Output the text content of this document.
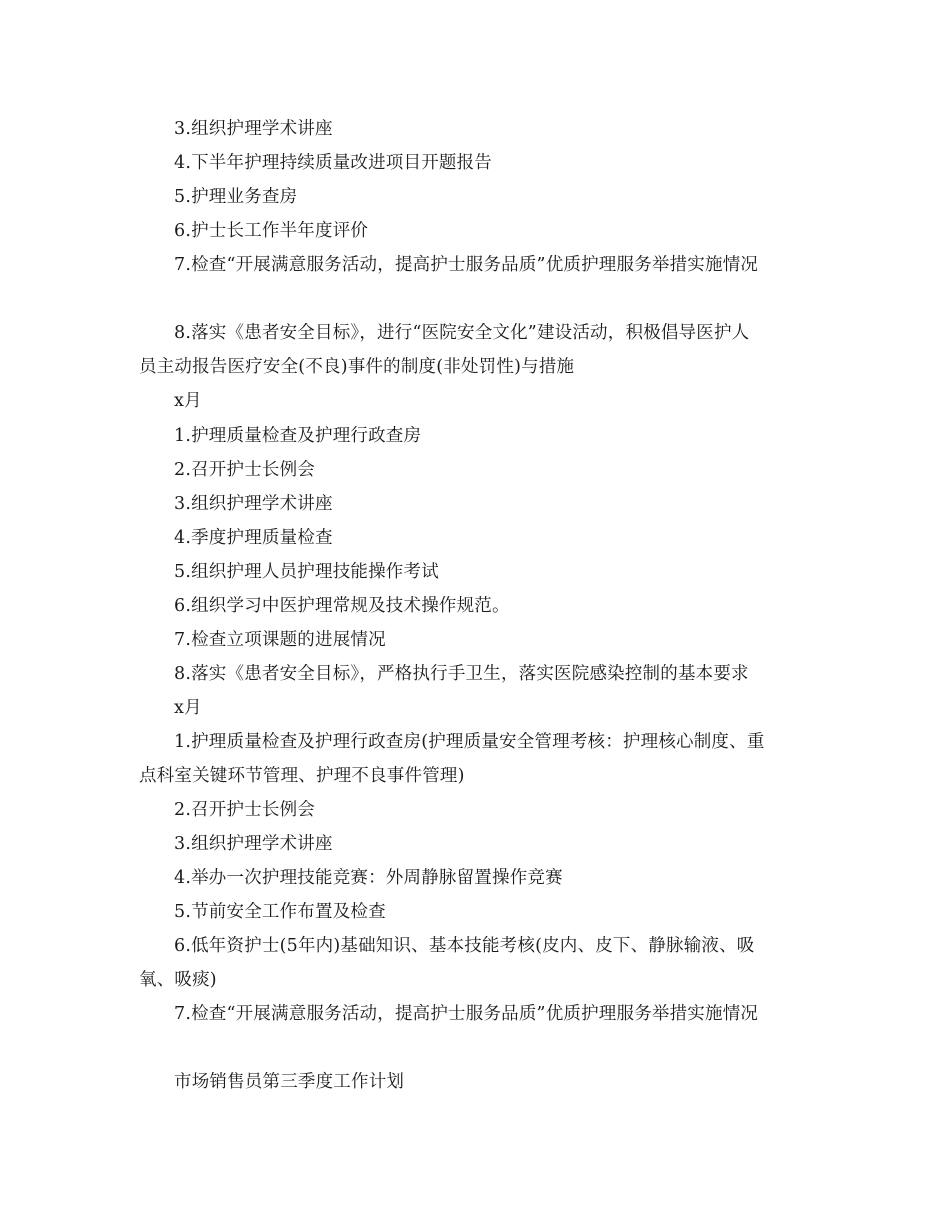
3.组织护理学术讲座
4.下半年护理持续质量改进项目开题报告
5.护理业务查房
6.护士长工作半年度评价
7.检查“开展满意服务活动，提高护士服务品质”优质护理服务举措实施情况
8.落实《患者安全目标》，进行“医院安全文化”建设活动，积极倡导医护人
员主动报告医疗安全(不良)事件的制度(非处罚性)与措施
x月
1.护理质量检查及护理行政查房
2.召开护士长例会
3.组织护理学术讲座
4.季度护理质量检查
5.组织护理人员护理技能操作考试
6.组织学习中医护理常规及技术操作规范。
7.检查立项课题的进展情况
8.落实《患者安全目标》，严格执行手卫生，落实医院感染控制的基本要求
x月
1.护理质量检查及护理行政查房(护理质量安全管理考核：护理核心制度、重
点科室关键环节管理、护理不良事件管理)
2.召开护士长例会
3.组织护理学术讲座
4.举办一次护理技能竞赛：外周静脉留置操作竞赛
5.节前安全工作布置及检查
6.低年资护士(5年内)基础知识、基本技能考核(皮内、皮下、静脉输液、吸
氧、吸痰)
7.检查“开展满意服务活动，提高护士服务品质”优质护理服务举措实施情况
市场销售员第三季度工作计划
